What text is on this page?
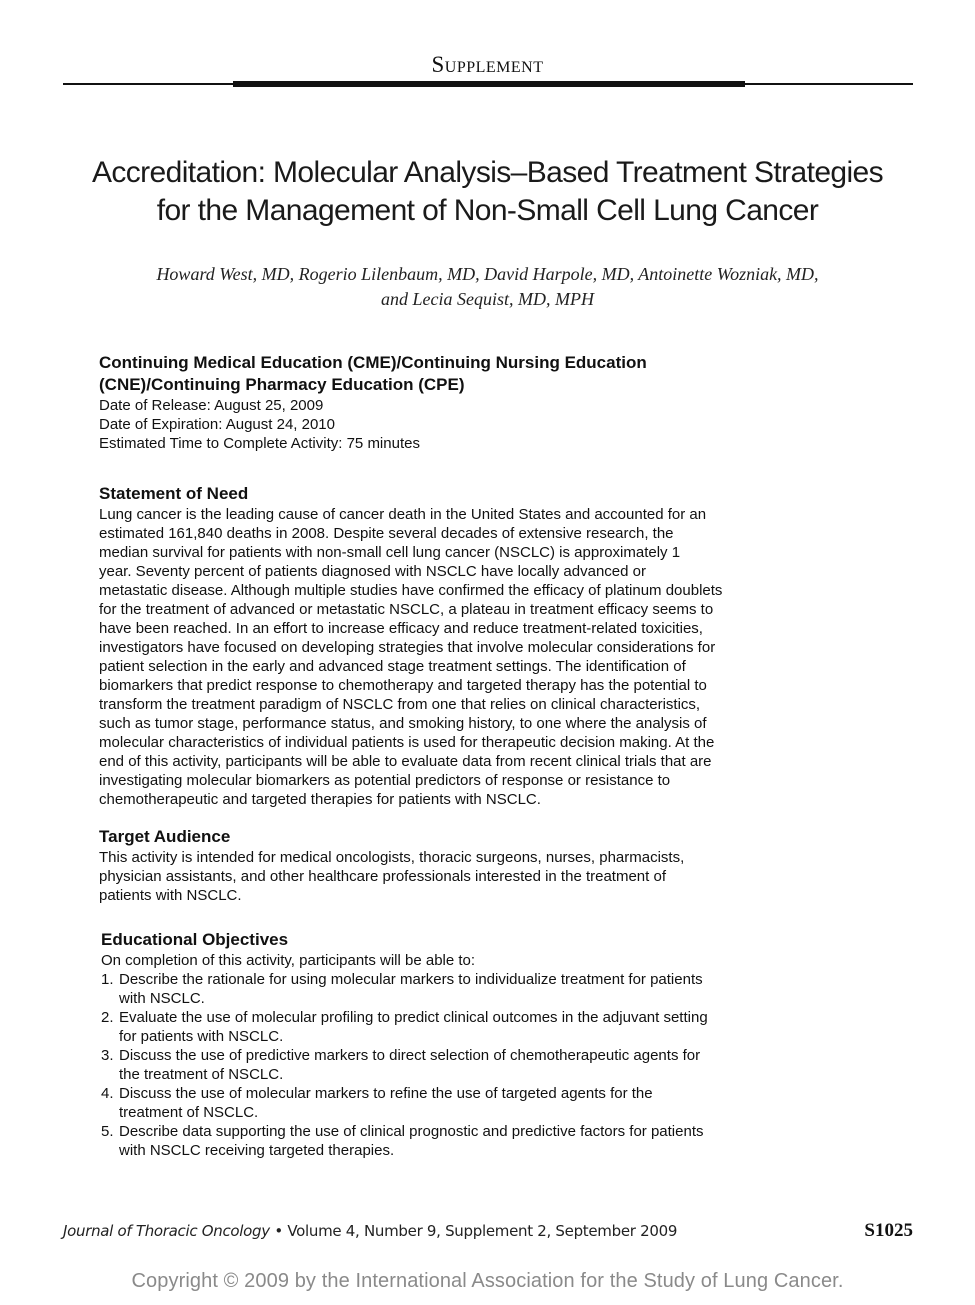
Supplement
Accreditation: Molecular Analysis–Based Treatment Strategies
for the Management of Non-Small Cell Lung Cancer
Howard West, MD, Rogerio Lilenbaum, MD, David Harpole, MD, Antoinette Wozniak, MD,
and Lecia Sequist, MD, MPH
Continuing Medical Education (CME)/Continuing Nursing Education
(CNE)/Continuing Pharmacy Education (CPE)

Date of Release: August 25, 2009

Date of Expiration: August 24, 2010

Estimated Time to Complete Activity: 75 minutes

Statement of Need
Lung cancer is the leading cause of cancer death in the United States and accounted for an
estimated 161,840 deaths in 2008. Despite several decades of extensive research, the
median survival for patients with non-small cell lung cancer (NSCLC) is approximately 1
year. Seventy percent of patients diagnosed with NSCLC have locally advanced or
metastatic disease. Although multiple studies have confirmed the efficacy of platinum doublets
for the treatment of advanced or metastatic NSCLC, a plateau in treatment efficacy seems to
have been reached. In an effort to increase efficacy and reduce treatment-related toxicities,
investigators have focused on developing strategies that involve molecular considerations for
patient selection in the early and advanced stage treatment settings. The identification of
biomarkers that predict response to chemotherapy and targeted therapy has the potential to
transform the treatment paradigm of NSCLC from one that relies on clinical characteristics,
such as tumor stage, performance status, and smoking history, to one where the analysis of
molecular characteristics of individual patients is used for therapeutic decision making. At the
end of this activity, participants will be able to evaluate data from recent clinical trials that are
investigating molecular biomarkers as potential predictors of response or resistance to
chemotherapeutic and targeted therapies for patients with NSCLC.
Target Audience
This activity is intended for medical oncologists, thoracic surgeons, nurses, pharmacists,
physician assistants, and other healthcare professionals interested in the treatment of
patients with NSCLC.
Educational Objectives

On completion of this activity, participants will be able to:

1. Describe the rationale for using molecular markers to individualize treatment for patients
with NSCLC.
2. Evaluate the use of molecular profiling to predict clinical outcomes in the adjuvant setting
for patients with NSCLC.
3. Discuss the use of predictive markers to direct selection of chemotherapeutic agents for
the treatment of NSCLC.
4. Discuss the use of molecular markers to refine the use of targeted agents for the
treatment of NSCLC.
5. Describe data supporting the use of clinical prognostic and predictive factors for patients
with NSCLC receiving targeted therapies.
Journal of Thoracic Oncology • Volume 4, Number 9, Supplement 2, September 2009	S1025
Copyright © 2009 by the International Association for the Study of Lung Cancer.
